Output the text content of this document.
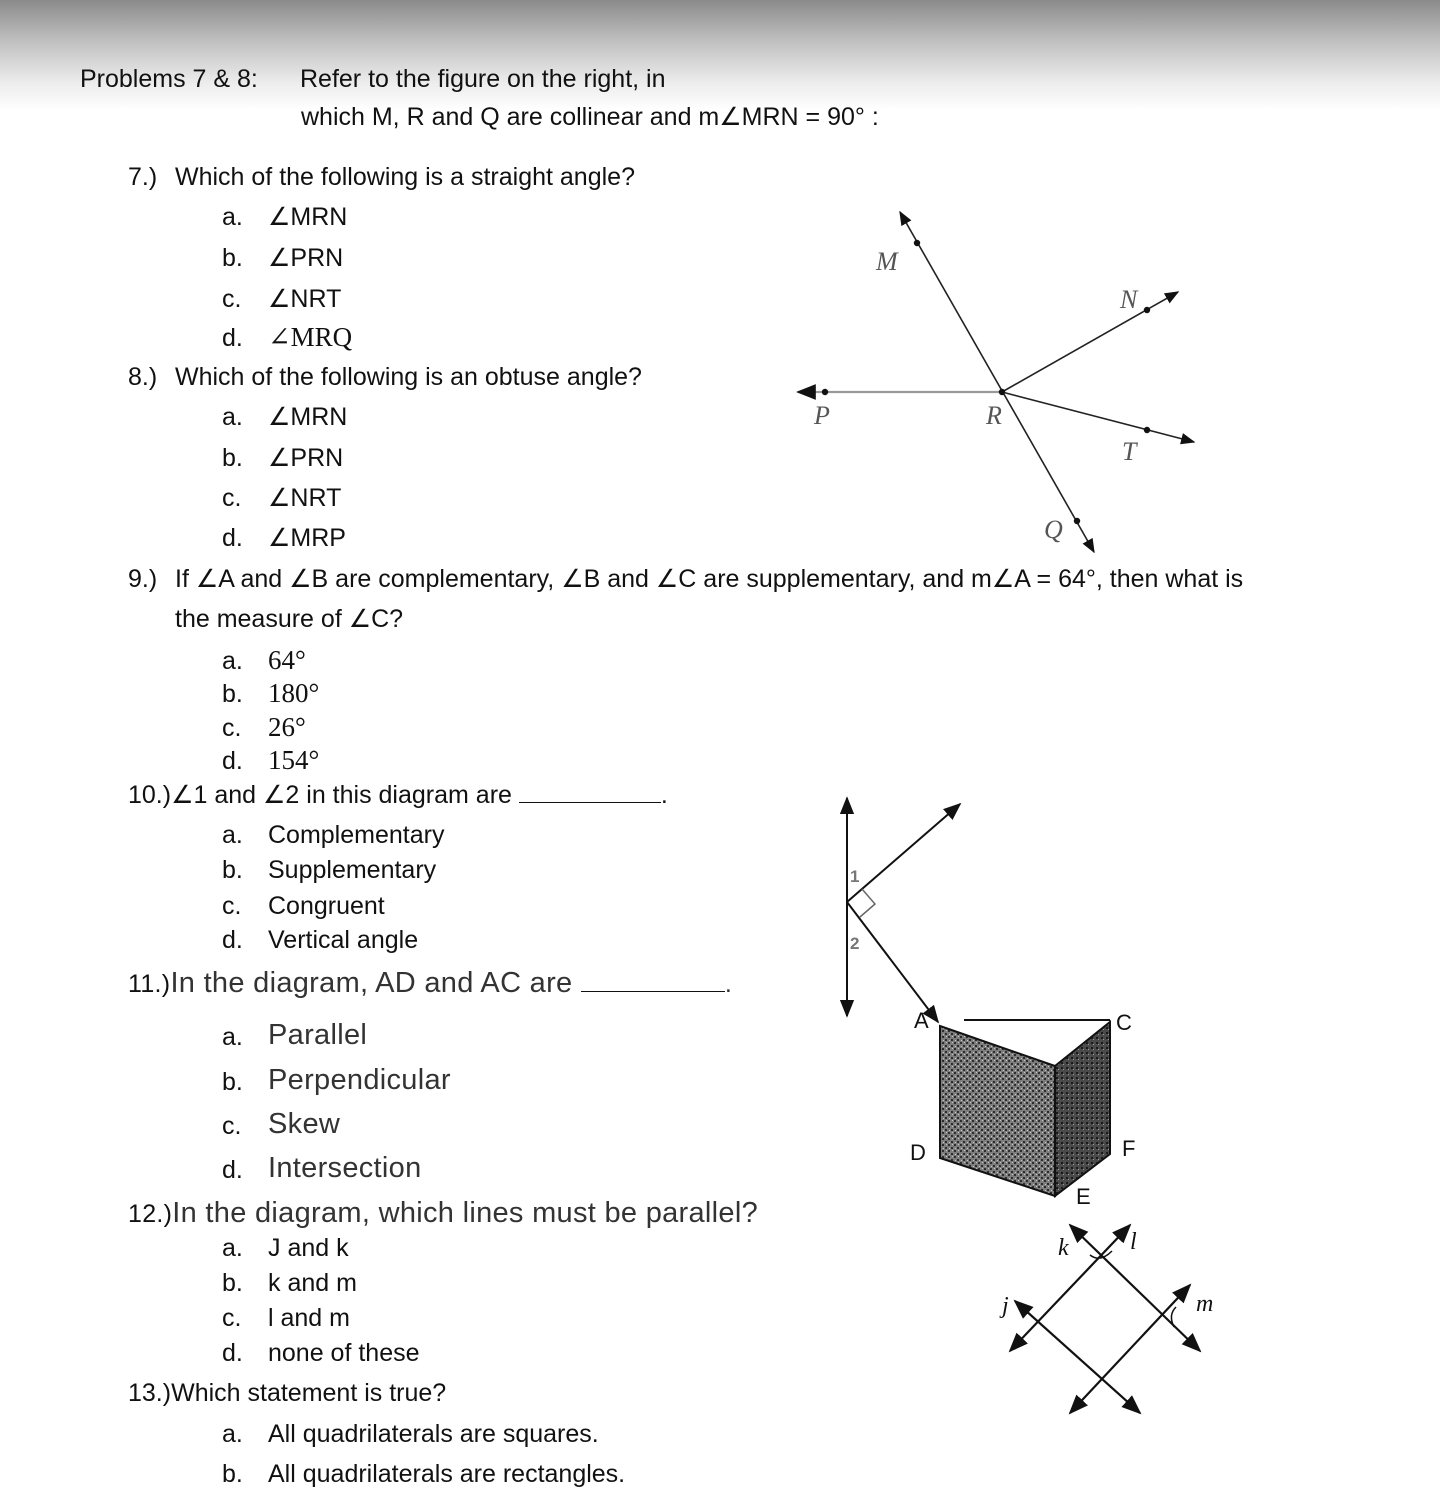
Problems 7 & 8: Refer to the figure on the right, in
which M, R and Q are collinear and m∠MRN = 90° :
7.) Which of the following is a straight angle?
a. ∠MRN
b. ∠PRN
c. ∠NRT
d. ∠MRQ
8.) Which of the following is an obtuse angle?
a. ∠MRN
b. ∠PRN
c. ∠NRT
d. ∠MRP
M
N
P	R
T
Q
9.) If ∠A and ∠B are complementary, ∠B and ∠C are supplementary, and m∠A = 64°, then what is
the measure of ∠C?
a. 64°
b. 180°
c. 26°
d. 154°
10.)∠1 and ∠2 in this diagram are	.
a. Complementary
b. Supplementary
c. Congruent
d. Vertical angle
1
2
11.)In the diagram, AD and AC are	.
a. Parallel
b. Perpendicular
c. Skew
d. Intersection
A	C
D	F
E
12.)In the diagram, which lines must be parallel?
a. J and k
b. k and m
c. l and m
d. none of these
k	l
j	m
13.)Which statement is true?
a. All quadrilaterals are squares.
b. All quadrilaterals are rectangles.
